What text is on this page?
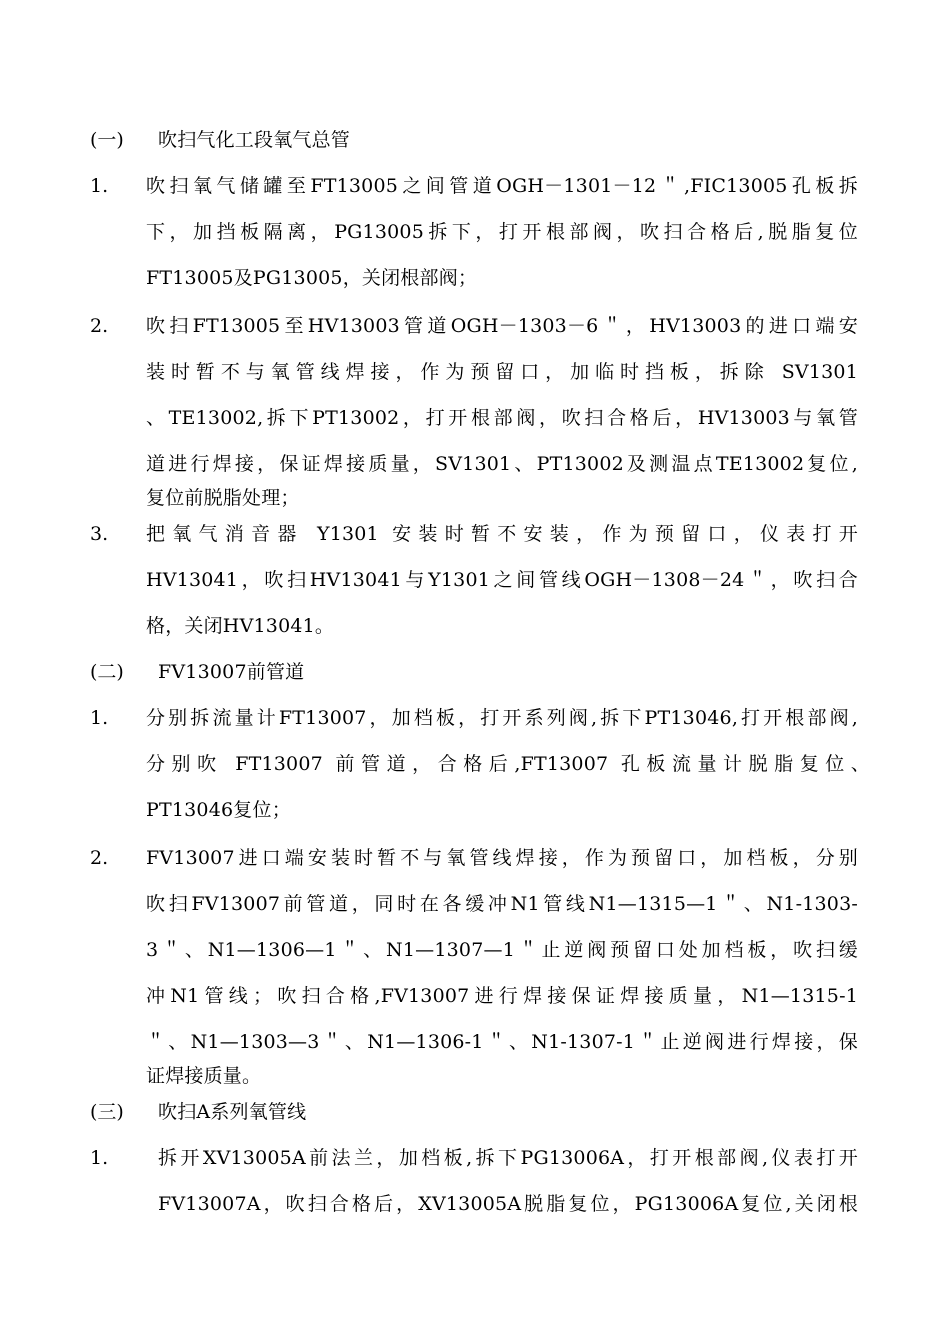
(一) 吹扫气化工段氧气总管
1. 吹扫氧气储罐至FT13005之间管道OGH－1301－12＂,FIC13005孔板拆
下，加挡板隔离，PG13005拆下，打开根部阀，吹扫合格后,脱脂复位
FT13005及PG13005，关闭根部阀；
2. 吹扫FT13005至HV13003管道OGH－1303－6＂，HV13003的进口端安
装时暂不与氧管线焊接，作为预留口，加临时挡板，拆除 SV1301
、TE13002,拆下PT13002，打开根部阀，吹扫合格后，HV13003与氧管
道进行焊接，保证焊接质量，SV1301、PT13002及测温点TE13002复位,
复位前脱脂处理；
3. 把氧气消音器 Y1301 安装时暂不安装，作为预留口，仪表打开
HV13041，吹扫HV13041与Y1301之间管线OGH－1308－24＂，吹扫合
格，关闭HV13041。
(二) FV13007前管道
1. 分别拆流量计FT13007，加档板，打开系列阀,拆下PT13046,打开根部阀,
分别吹 FT13007 前管道，合格后,FT13007 孔板流量计脱脂复位、
PT13046复位；
2. FV13007进口端安装时暂不与氧管线焊接，作为预留口，加档板，分别
吹扫FV13007前管道，同时在各缓冲N1管线N1—1315—1＂、N1-1303-
3＂、N1—1306—1＂、N1—1307—1＂止逆阀预留口处加档板，吹扫缓
冲N1管线；吹扫合格,FV13007进行焊接保证焊接质量，N1—1315-1
＂、N1—1303—3＂、N1—1306-1＂、N1-1307-1＂止逆阀进行焊接，保
证焊接质量。
(三) 吹扫A系列氧管线
1.	拆开XV13005A前法兰，加档板,拆下PG13006A，打开根部阀,仪表打开
FV13007A，吹扫合格后，XV13005A脱脂复位，PG13006A复位,关闭根
